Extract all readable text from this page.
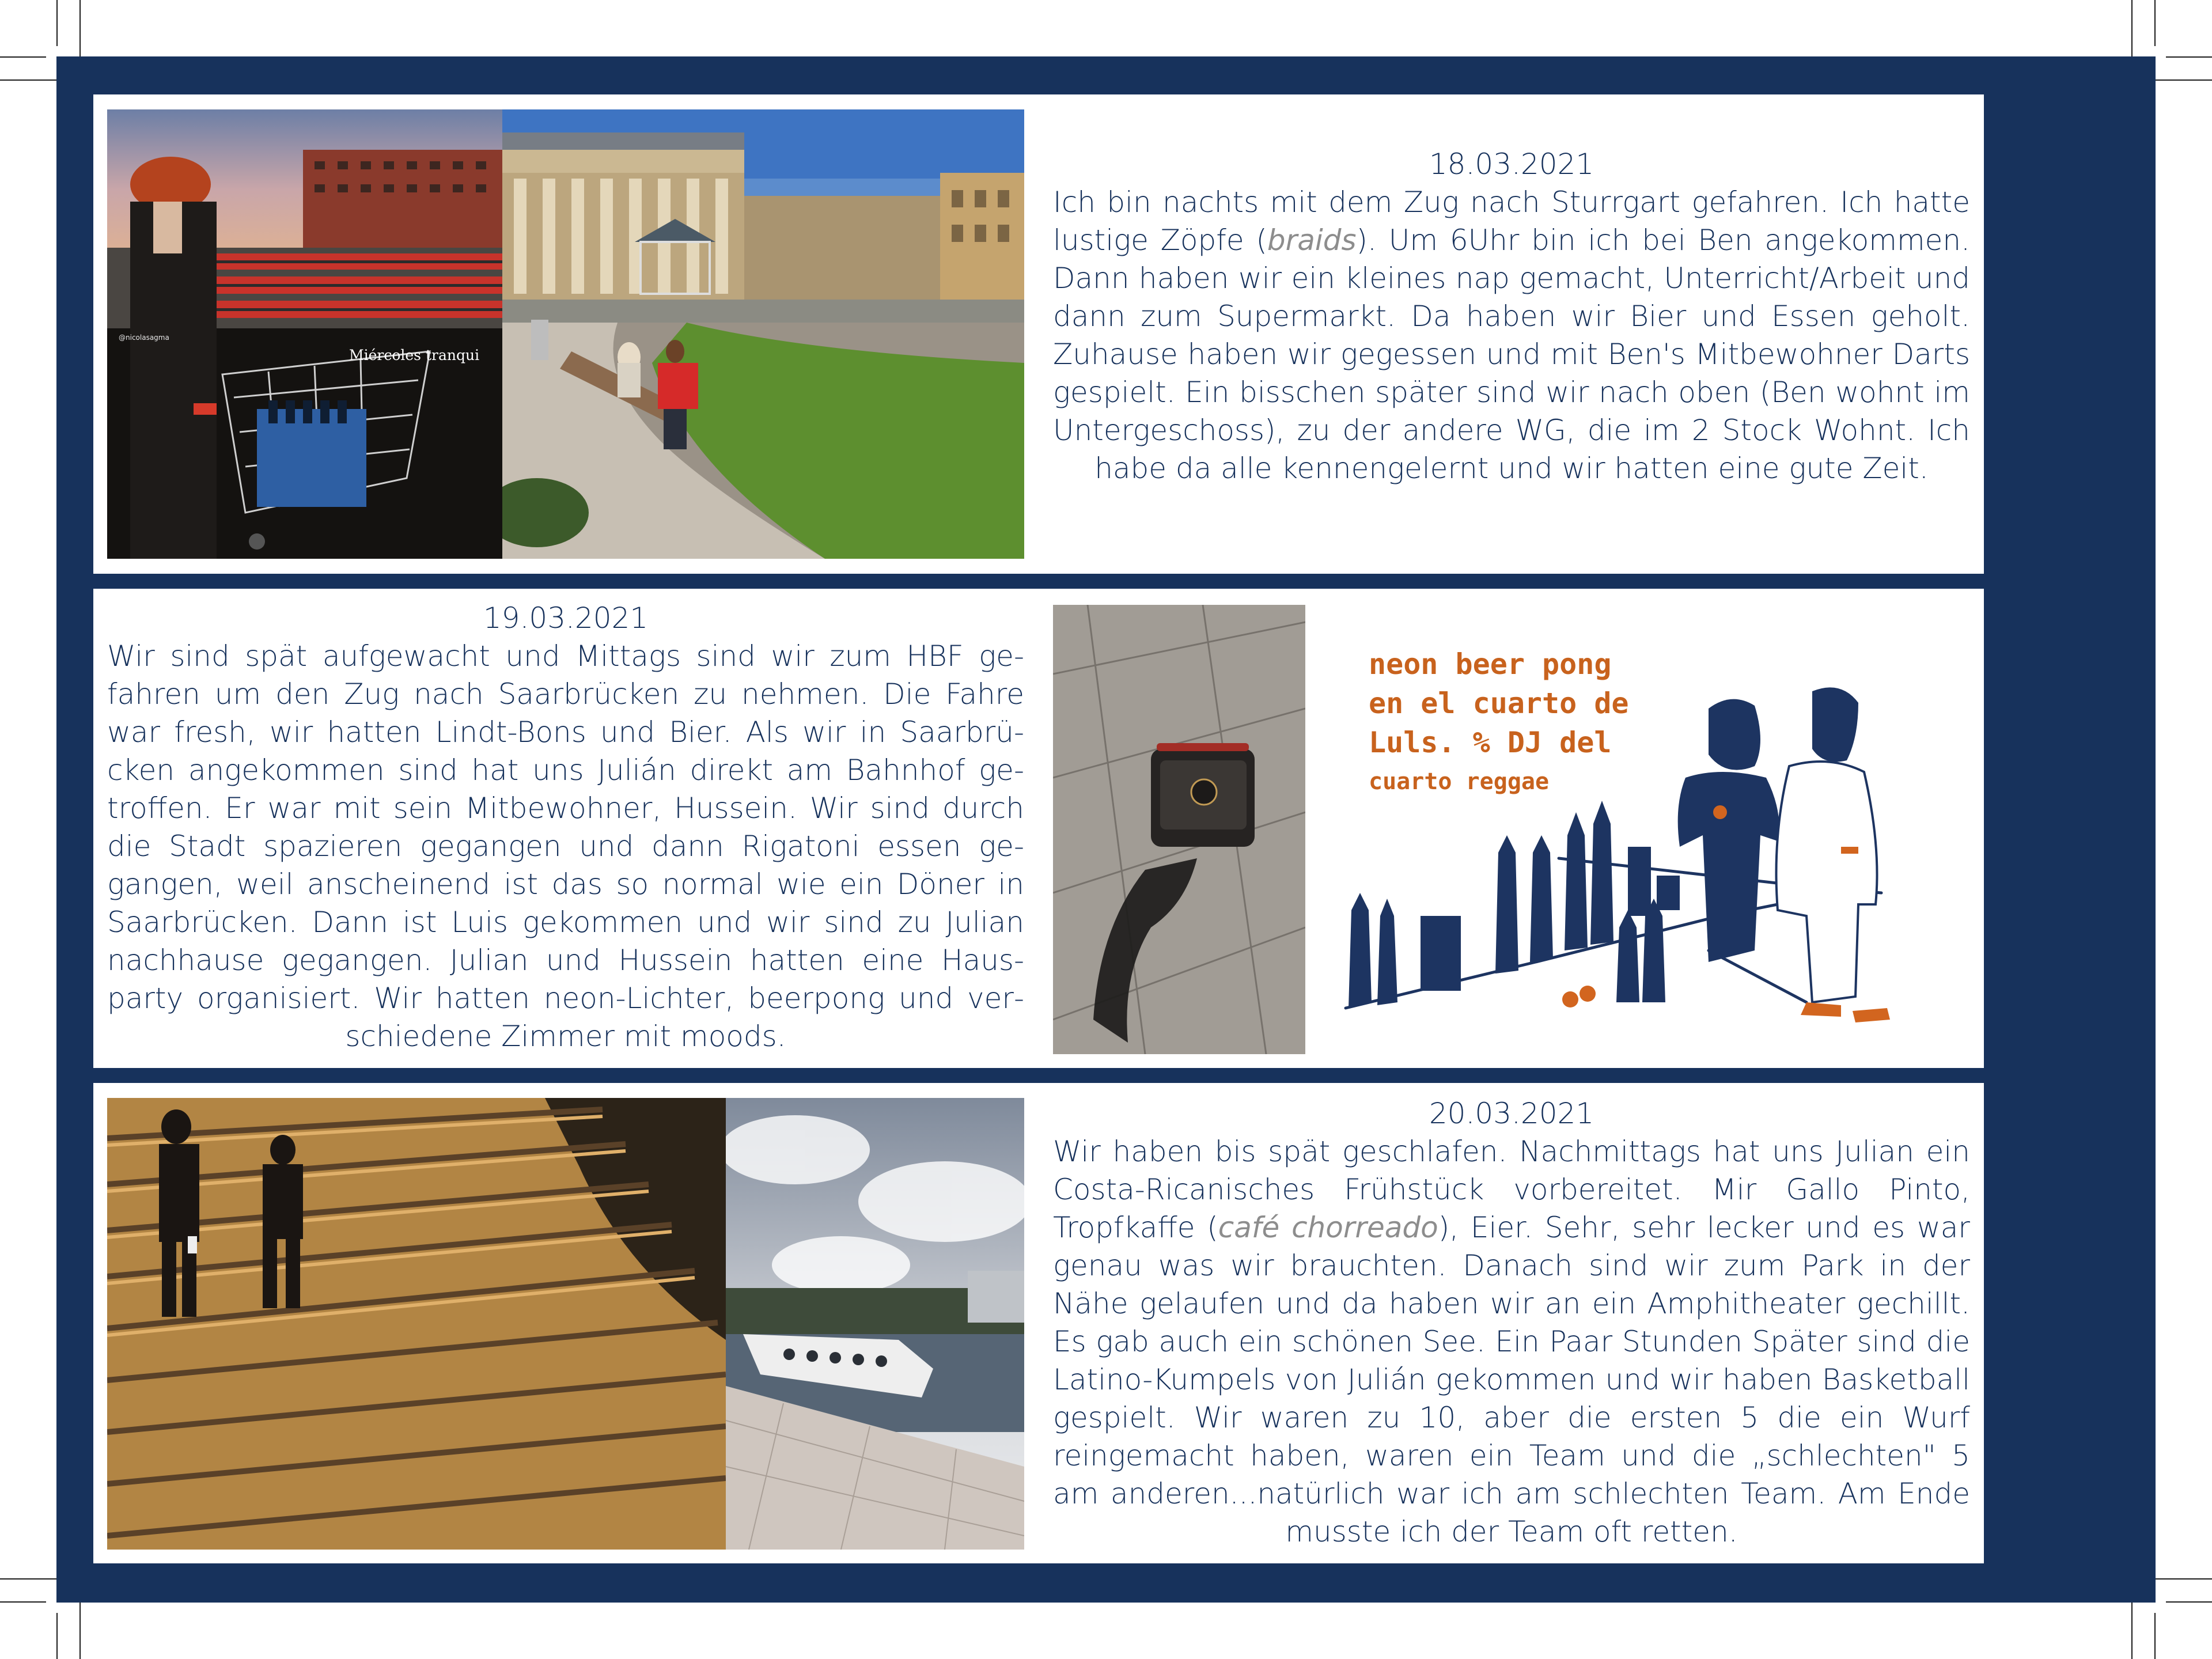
Miércoles tranqui
@nicolasagma
18.03.2021
Ich bin nachts mit dem Zug nach Sturrgart gefahren. Ich hatte lustige Zöpfe (braids). Um 6Uhr bin ich bei Ben angekommen. Dann haben wir ein kleines nap gemacht, Unterricht/Arbeit und dann zum Supermarkt. Da haben wir Bier und Essen geholt. Zuhause haben wir gegessen und mit Ben's Mitbewohner Darts gespielt. Ein bisschen später sind wir nach oben (Ben wohnt im Untergeschoss), zu der andere WG, die im 2 Stock Wohnt. Ich habe da alle kennengelernt und wir hatten eine gute Zeit.
19.03.2021
Wir sind spät aufgewacht und Mittags sind wir zum HBF gefahren um den Zug nach Saarbrücken zu nehmen. Die Fahre war fresh, wir hatten Lindt-Bons und Bier. Als wir in Saarbrücken angekommen sind hat uns Julián direkt am Bahnhof getroffen. Er war mit sein Mitbewohner, Hussein. Wir sind durch die Stadt spazieren gegangen und dann Rigatoni essen gegangen, weil anscheinend ist das so normal wie ein Döner in Saarbrücken. Dann ist Luis gekommen und wir sind zu Julian nachhause gegangen. Julian und Hussein hatten eine Hausparty organisiert. Wir hatten neon-Lichter, beerpong und verschiedene Zimmer mit moods.
neon beer pong
en el cuarto de
Luls. % DJ del
cuarto reggae
20.03.2021
Wir haben bis spät geschlafen. Nachmittags hat uns Julian ein Costa-Ricanisches Frühstück vorbereitet. Mir Gallo Pinto, Tropfkaffe (café chorreado), Eier. Sehr, sehr lecker und es war genau was wir brauchten. Danach sind wir zum Park in der Nähe gelaufen und da haben wir an ein Amphitheater gechillt. Es gab auch ein schönen See. Ein Paar Stunden Später sind die Latino-Kumpels von Julián gekommen und wir haben Basketball gespielt. Wir waren zu 10, aber die ersten 5 die ein Wurf reingemacht haben, waren ein Team und die „schlechten" 5 am anderen...natürlich war ich am schlechten Team. Am Ende musste ich der Team oft retten.
